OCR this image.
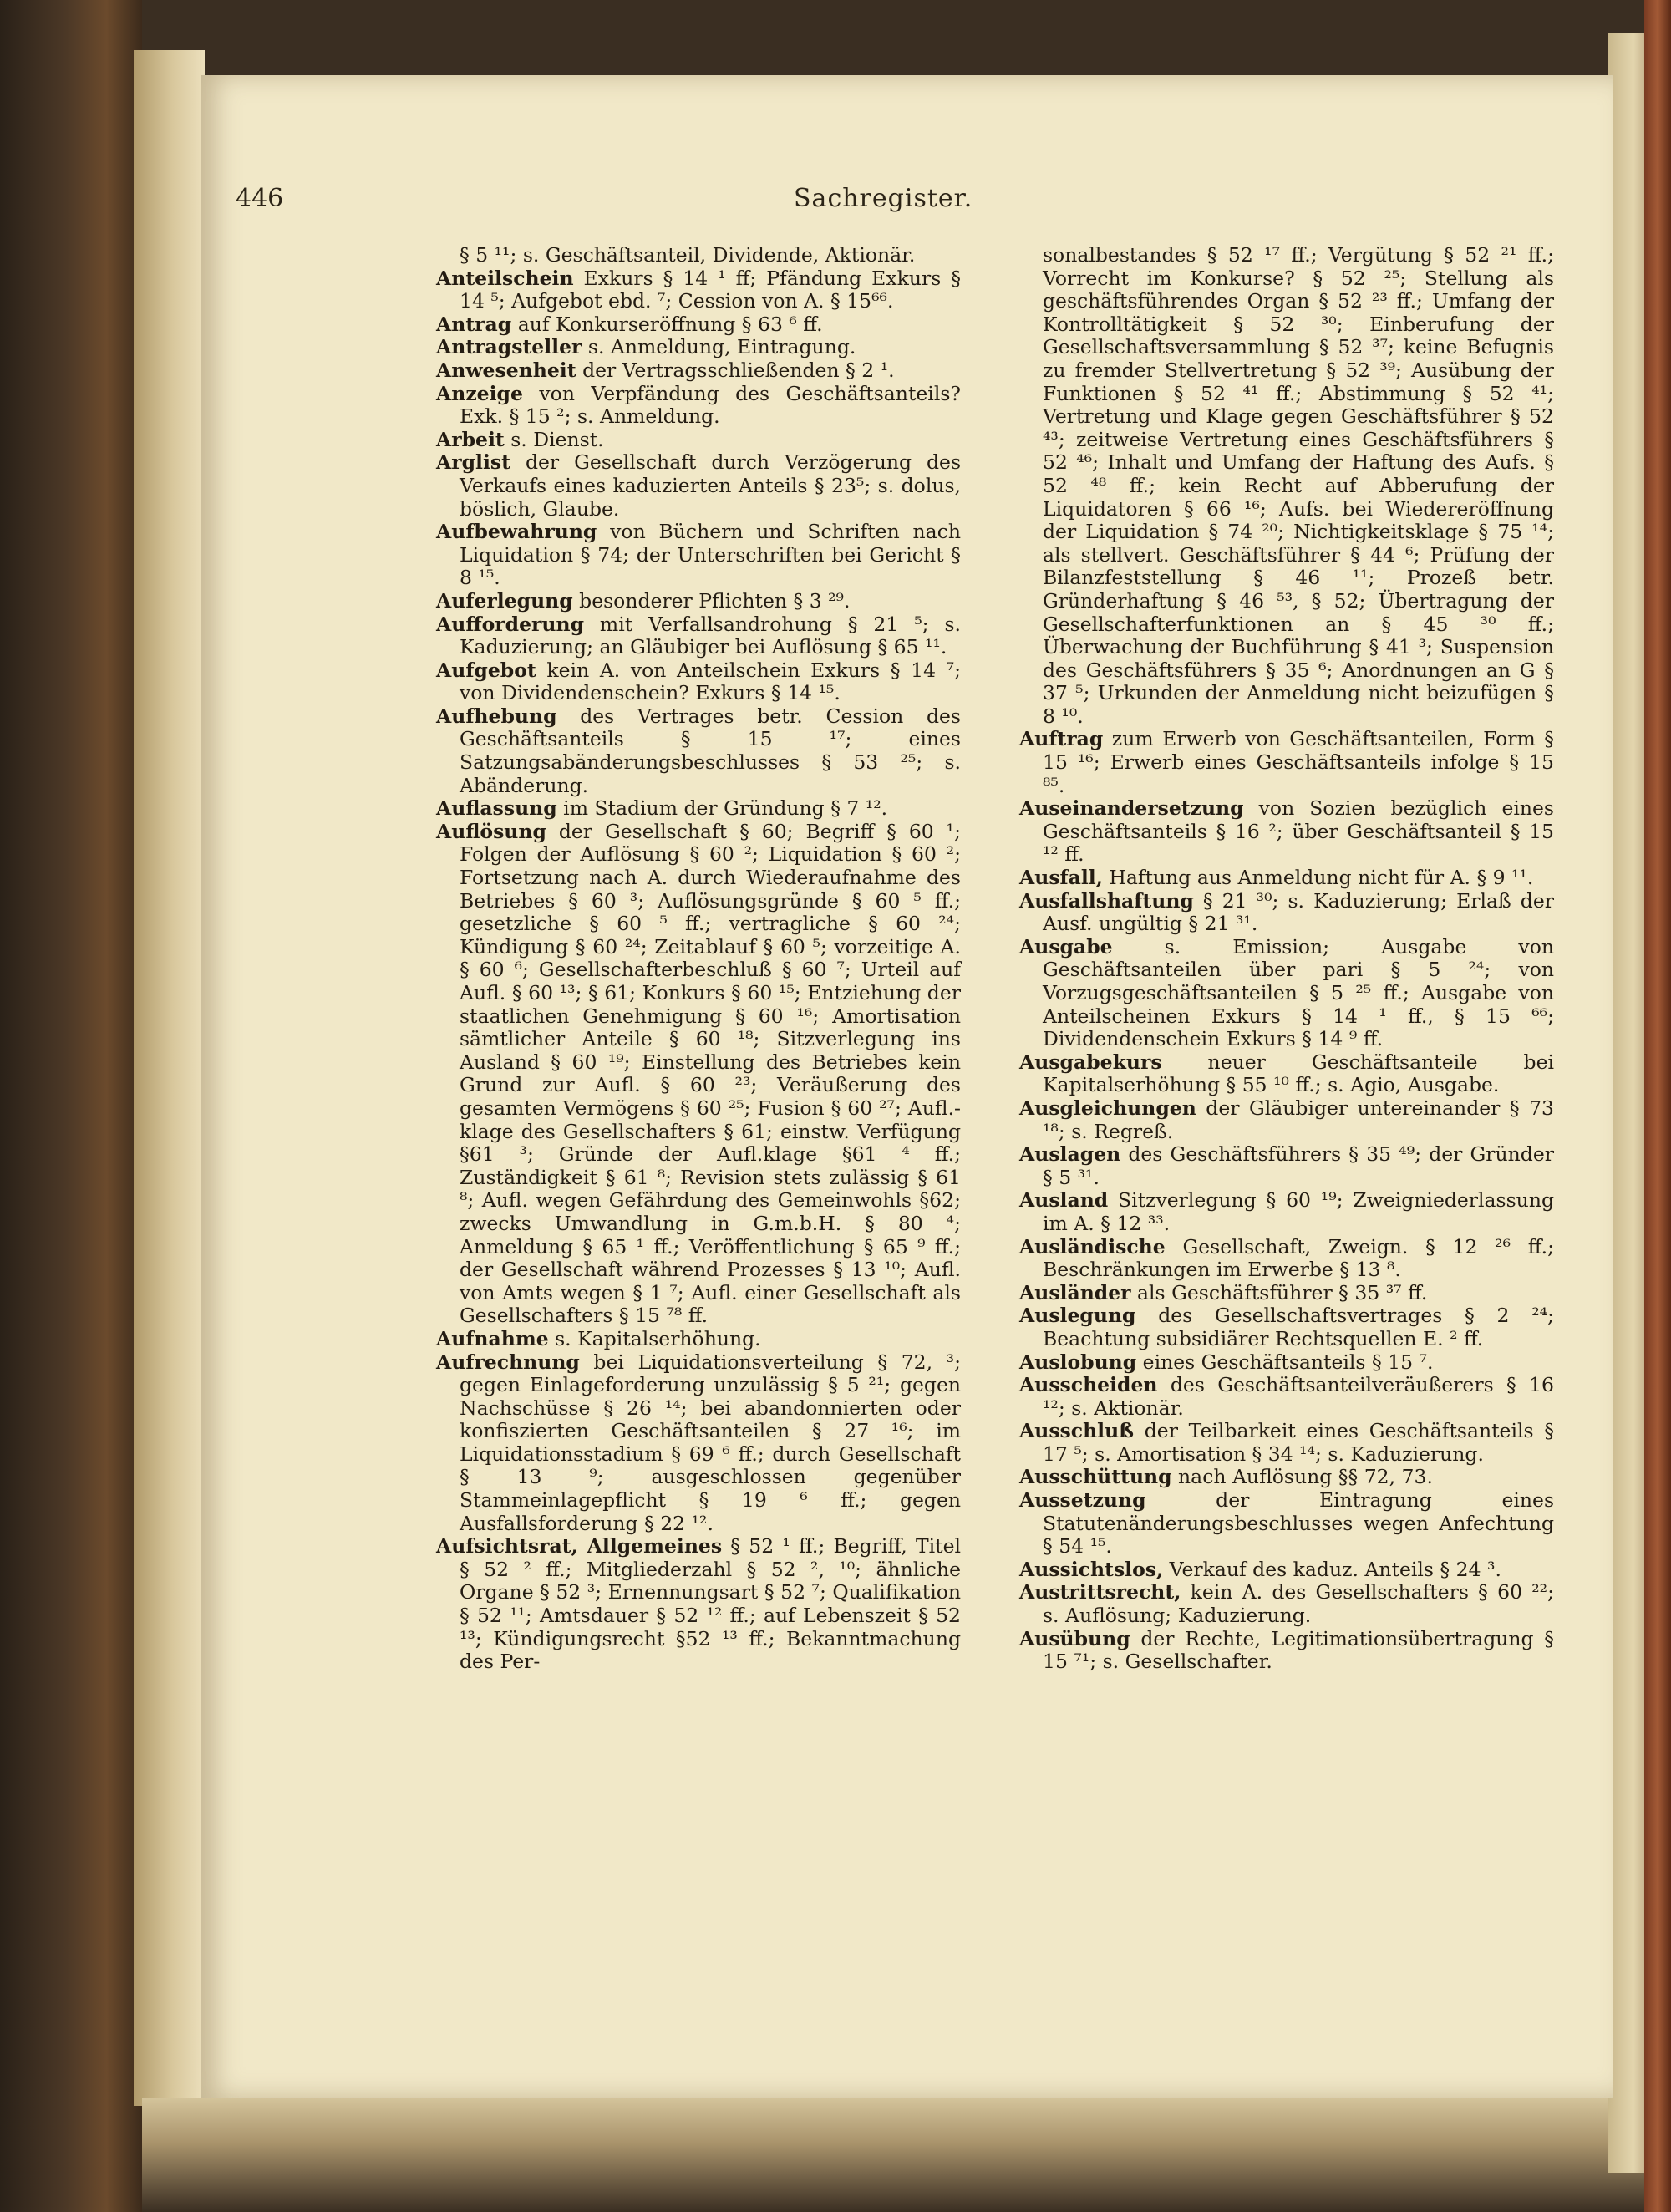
446	Sachregister.
§ 5 ¹¹; s. Geschäftsanteil, Dividende, Aktionär.
Anteilschein Exkurs § 14 ¹ ff; Pfändung Exkurs § 14 ⁵; Aufgebot ebd. ⁷; Cession von A. § 15⁶⁶.
Antrag auf Konkurseröffnung § 63 ⁶ ff.
Antragsteller s. Anmeldung, Eintragung.
Anwesenheit der Vertragsschließenden § 2 ¹.
Anzeige von Verpfändung des Geschäftsanteils? Exk. § 15 ²; s. Anmeldung.
Arbeit s. Dienst.
Arglist der Gesellschaft durch Verzögerung des Verkaufs eines kaduzierten Anteils § 23⁵; s. dolus, böslich, Glaube.
Aufbewahrung von Büchern und Schriften nach Liquidation § 74; der Unterschriften bei Gericht § 8 ¹⁵.
Auferlegung besonderer Pflichten § 3 ²⁹.
Aufforderung mit Verfallsandrohung § 21 ⁵; s. Kaduzierung; an Gläubiger bei Auflösung § 65 ¹¹.
Aufgebot kein A. von Anteilschein Exkurs § 14 ⁷; von Dividendenschein? Exkurs § 14 ¹⁵.
Aufhebung des Vertrages betr. Cession des Geschäftsanteils § 15 ¹⁷; eines Satzungsabänderungsbeschlusses § 53 ²⁵; s. Abänderung.
Auflassung im Stadium der Gründung § 7 ¹².
Auflösung der Gesellschaft § 60; Begriff § 60 ¹; Folgen der Auflösung § 60 ²; Liquidation § 60 ²; Fortsetzung nach A. durch Wiederaufnahme des Betriebes § 60 ³; Auflösungsgründe § 60 ⁵ ff.; gesetzliche § 60 ⁵ ff.; vertragliche § 60 ²⁴; Kündigung § 60 ²⁴; Zeitablauf § 60 ⁵; vorzeitige A. § 60 ⁶; Gesellschafterbeschluß § 60 ⁷; Urteil auf Aufl. § 60 ¹³; § 61; Konkurs § 60 ¹⁵; Entziehung der staatlichen Genehmigung § 60 ¹⁶; Amortisation sämtlicher Anteile § 60 ¹⁸; Sitzverlegung ins Ausland § 60 ¹⁹; Einstellung des Betriebes kein Grund zur Aufl. § 60 ²³; Veräußerung des gesamten Vermögens § 60 ²⁵; Fusion § 60 ²⁷; Aufl.-klage des Gesellschafters § 61; einstw. Verfügung §61 ³; Gründe der Aufl.klage §61 ⁴ ff.; Zuständigkeit § 61 ⁸; Revision stets zulässig § 61 ⁸; Aufl. wegen Gefährdung des Gemeinwohls §62; zwecks Umwandlung in G.m.b.H. § 80 ⁴; Anmeldung § 65 ¹ ff.; Veröffentlichung § 65 ⁹ ff.; der Gesellschaft während Prozesses § 13 ¹⁰; Aufl. von Amts wegen § 1 ⁷; Aufl. einer Gesellschaft als Gesellschafters § 15 ⁷⁸ ff.
Aufnahme s. Kapitalserhöhung.
Aufrechnung bei Liquidationsverteilung § 72, ³; gegen Einlageforderung unzulässig § 5 ²¹; gegen Nachschüsse § 26 ¹⁴; bei abandonnierten oder konfiszierten Geschäftsanteilen § 27 ¹⁶; im Liquidationsstadium § 69 ⁶ ff.; durch Gesellschaft § 13 ⁹; ausgeschlossen gegenüber Stammeinlagepflicht § 19 ⁶ ff.; gegen Ausfallsforderung § 22 ¹².
Aufsichtsrat, Allgemeines § 52 ¹ ff.; Begriff, Titel § 52 ² ff.; Mitgliederzahl § 52 ², ¹⁰; ähnliche Organe § 52 ³; Ernennungsart § 52 ⁷; Qualifikation § 52 ¹¹; Amtsdauer § 52 ¹² ff.; auf Lebenszeit § 52 ¹³; Kündigungsrecht §52 ¹³ ff.; Bekanntmachung des Per-
sonalbestandes § 52 ¹⁷ ff.; Vergütung § 52 ²¹ ff.; Vorrecht im Konkurse? § 52 ²⁵; Stellung als geschäftsführendes Organ § 52 ²³ ff.; Umfang der Kontrolltätigkeit § 52 ³⁰; Einberufung der Gesellschaftsversammlung § 52 ³⁷; keine Befugnis zu fremder Stellvertretung § 52 ³⁹; Ausübung der Funktionen § 52 ⁴¹ ff.; Abstimmung § 52 ⁴¹; Vertretung und Klage gegen Geschäftsführer § 52 ⁴³; zeitweise Vertretung eines Geschäftsführers § 52 ⁴⁶; Inhalt und Umfang der Haftung des Aufs. § 52 ⁴⁸ ff.; kein Recht auf Abberufung der Liquidatoren § 66 ¹⁶; Aufs. bei Wiedereröffnung der Liquidation § 74 ²⁰; Nichtigkeitsklage § 75 ¹⁴; als stellvert. Geschäftsführer § 44 ⁶; Prüfung der Bilanzfeststellung § 46 ¹¹; Prozeß betr. Gründerhaftung § 46 ⁵³, § 52; Übertragung der Gesellschafterfunktionen an § 45 ³⁰ ff.; Überwachung der Buchführung § 41 ³; Suspension des Geschäftsführers § 35 ⁶; Anordnungen an G § 37 ⁵; Urkunden der Anmeldung nicht beizufügen § 8 ¹⁰.
Auftrag zum Erwerb von Geschäftsanteilen, Form § 15 ¹⁶; Erwerb eines Geschäftsanteils infolge § 15 ⁸⁵.
Auseinandersetzung von Sozien bezüglich eines Geschäftsanteils § 16 ²; über Geschäftsanteil § 15 ¹² ff.
Ausfall, Haftung aus Anmeldung nicht für A. § 9 ¹¹.
Ausfallshaftung § 21 ³⁰; s. Kaduzierung; Erlaß der Ausf. ungültig § 21 ³¹.
Ausgabe s. Emission; Ausgabe von Geschäftsanteilen über pari § 5 ²⁴; von Vorzugsgeschäftsanteilen § 5 ²⁵ ff.; Ausgabe von Anteilscheinen Exkurs § 14 ¹ ff., § 15 ⁶⁶; Dividendenschein Exkurs § 14 ⁹ ff.
Ausgabekurs neuer Geschäftsanteile bei Kapitalserhöhung § 55 ¹⁰ ff.; s. Agio, Ausgabe.
Ausgleichungen der Gläubiger untereinander § 73 ¹⁸; s. Regreß.
Auslagen des Geschäftsführers § 35 ⁴⁹; der Gründer § 5 ³¹.
Ausland Sitzverlegung § 60 ¹⁹; Zweigniederlassung im A. § 12 ³³.
Ausländische Gesellschaft, Zweign. § 12 ²⁶ ff.; Beschränkungen im Erwerbe § 13 ⁸.
Ausländer als Geschäftsführer § 35 ³⁷ ff.
Auslegung des Gesellschaftsvertrages § 2 ²⁴; Beachtung subsidiärer Rechtsquellen E. ² ff.
Auslobung eines Geschäftsanteils § 15 ⁷.
Ausscheiden des Geschäftsanteilveräußerers § 16 ¹²; s. Aktionär.
Ausschluß der Teilbarkeit eines Geschäftsanteils § 17 ⁵; s. Amortisation § 34 ¹⁴; s. Kaduzierung.
Ausschüttung nach Auflösung §§ 72, 73.
Aussetzung der Eintragung eines Statutenänderungsbeschlusses wegen Anfechtung § 54 ¹⁵.
Aussichtslos, Verkauf des kaduz. Anteils § 24 ³.
Austrittsrecht, kein A. des Gesellschafters § 60 ²²; s. Auflösung; Kaduzierung.
Ausübung der Rechte, Legitimationsübertragung § 15 ⁷¹; s. Gesellschafter.
